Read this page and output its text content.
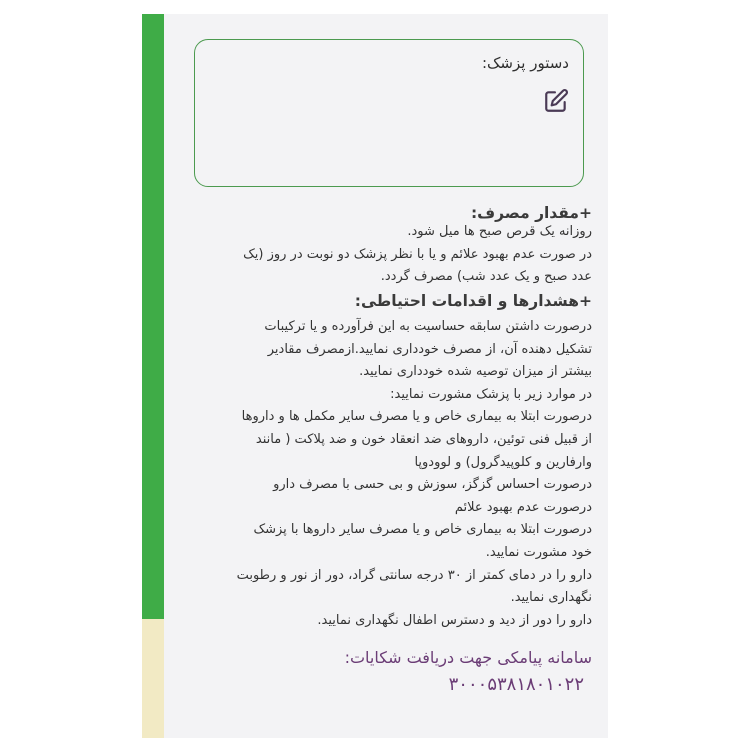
دستور پزشک:
+مقدار مصرف:

روزانه یک قرص صبح ها میل شود.

در صورت عدم بهبود علائم و یا با نظر پزشک دو نوبت در روز (یک

عدد صبح و یک عدد شب) مصرف گردد.

+هشدارها و اقدامات احتیاطی:

درصورت داشتن سابقه حساسیت به این فرآورده و یا ترکیبات

تشکیل دهنده آن، از مصرف خودداری نمایید.ازمصرف مقادیر

بیشتر از میزان توصیه شده خودداری نمایید.

در موارد زیر با پزشک مشورت نمایید:

درصورت ابتلا به بیماری خاص و یا مصرف سایر مکمل ها و داروها

از قبیل فنی توئین، داروهای ضد انعقاد خون و ضد پلاکت ( مانند

وارفارین و کلوپیدگرول) و لوودوپا

درصورت احساس گزگز، سوزش و بی حسی با مصرف دارو

درصورت عدم بهبود علائم

درصورت ابتلا به بیماری خاص و یا مصرف سایر داروها با پزشک

خود مشورت نمایید.

دارو را در دمای کمتر از ۳۰ درجه سانتی گراد، دور از نور و رطوبت

نگهداری نمایید.

دارو را دور از دید و دسترس اطفال نگهداری نمایید.

سامانه پیامکی جهت دریافت شکایات:
۳۰۰۰۵۳۸۱۸۰۱۰۲۲
